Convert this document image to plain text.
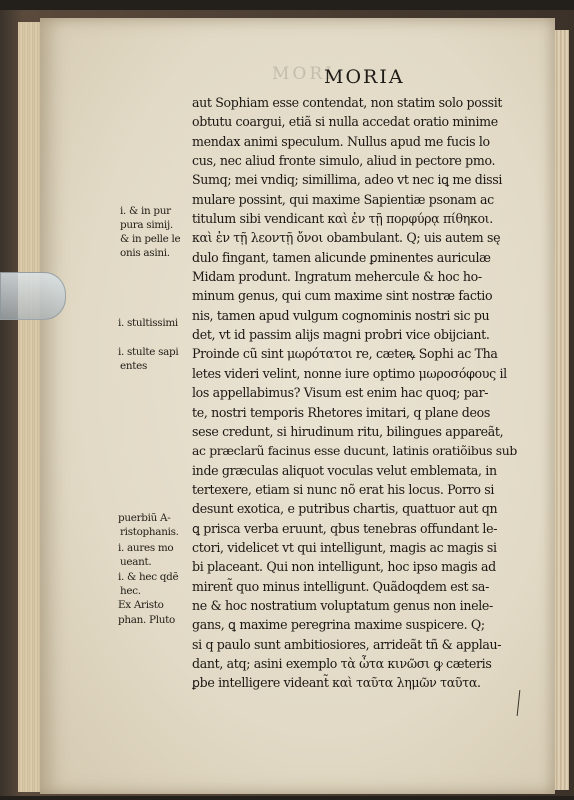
MORI
MORIA
aut Sophiam esse contendat, non statim solo possit
obtutu coargui, etiã si nulla accedat oratio minime
mendax animi speculum. Nullus apud me fucis lo
cus, nec aliud fronte simulo, aliud in pectore pmo.
Sumq; mei vndiq; simillima, adeo vt nec iꝗ me dissi
mulare possint, qui maxime Sapientiæ psonam ac
titulum sibi vendicant καὶ ἐν τῇ πορφύρᾳ πίθηκοι.
καὶ ἐν τῇ λεοντῇ ὄνοι obambulant. Q; uis autem sę
dulo fingant, tamen alicunde ꝑminentes auriculæ
Midam produnt. Ingratum mehercule & hoc ho-
minum genus, qui cum maxime sint nostræ factio
nis, tamen apud vulgum cognominis nostri sic pu
det, vt id passim alijs magni probri vice obijciant.
Proinde cũ sint μωρότατοι re, cæteꝶ Sophi ac Tha
letes videri velint, nonne iure optimo μωροσόφους il
los appellabimus? Visum est enim hac quoq; par-
te, nostri temporis Rhetores imitari, q plane deos
sese credunt, si hirudinum ritu, bilingues appareãt,
ac præclarũ facinus esse ducunt, latinis oratiõibus sub
inde græculas aliquot voculas velut emblemata, in
tertexere, etiam si nunc nõ erat his locus. Porro si
desunt exotica, e putribus chartis, quattuor aut qn
ꝗ prisca verba eruunt, qbus tenebras offundant le-
ctori, videlicet vt qui intelligunt, magis ac magis si
bi placeant. Qui non intelligunt, hoc ipso magis ad
mirent̃ quo minus intelligunt. Quãdoqdem est sa-
ne & hoc nostratium voluptatum genus non inele-
gans, ꝗ maxime peregrina maxime suspicere. Q;
si q paulo sunt ambitiosiores, arrideãt tñ & applau-
dant, atq; asini exemplo τὰ ὦτα κινῶσι ꝙ cæteris
ꝑbe intelligere videant̃ καὶ ταῦτα λημῶν ταῦτα.
i. & in pur
pura simij.
& in pelle le
onis asini.
i. stultissimi
i. stulte sapi
entes
puerbiũ A-
ristophanis.
i. aures mo
ueant.
i. & hec qdẽ
hec.
Ex Aristo
phan. Pluto
